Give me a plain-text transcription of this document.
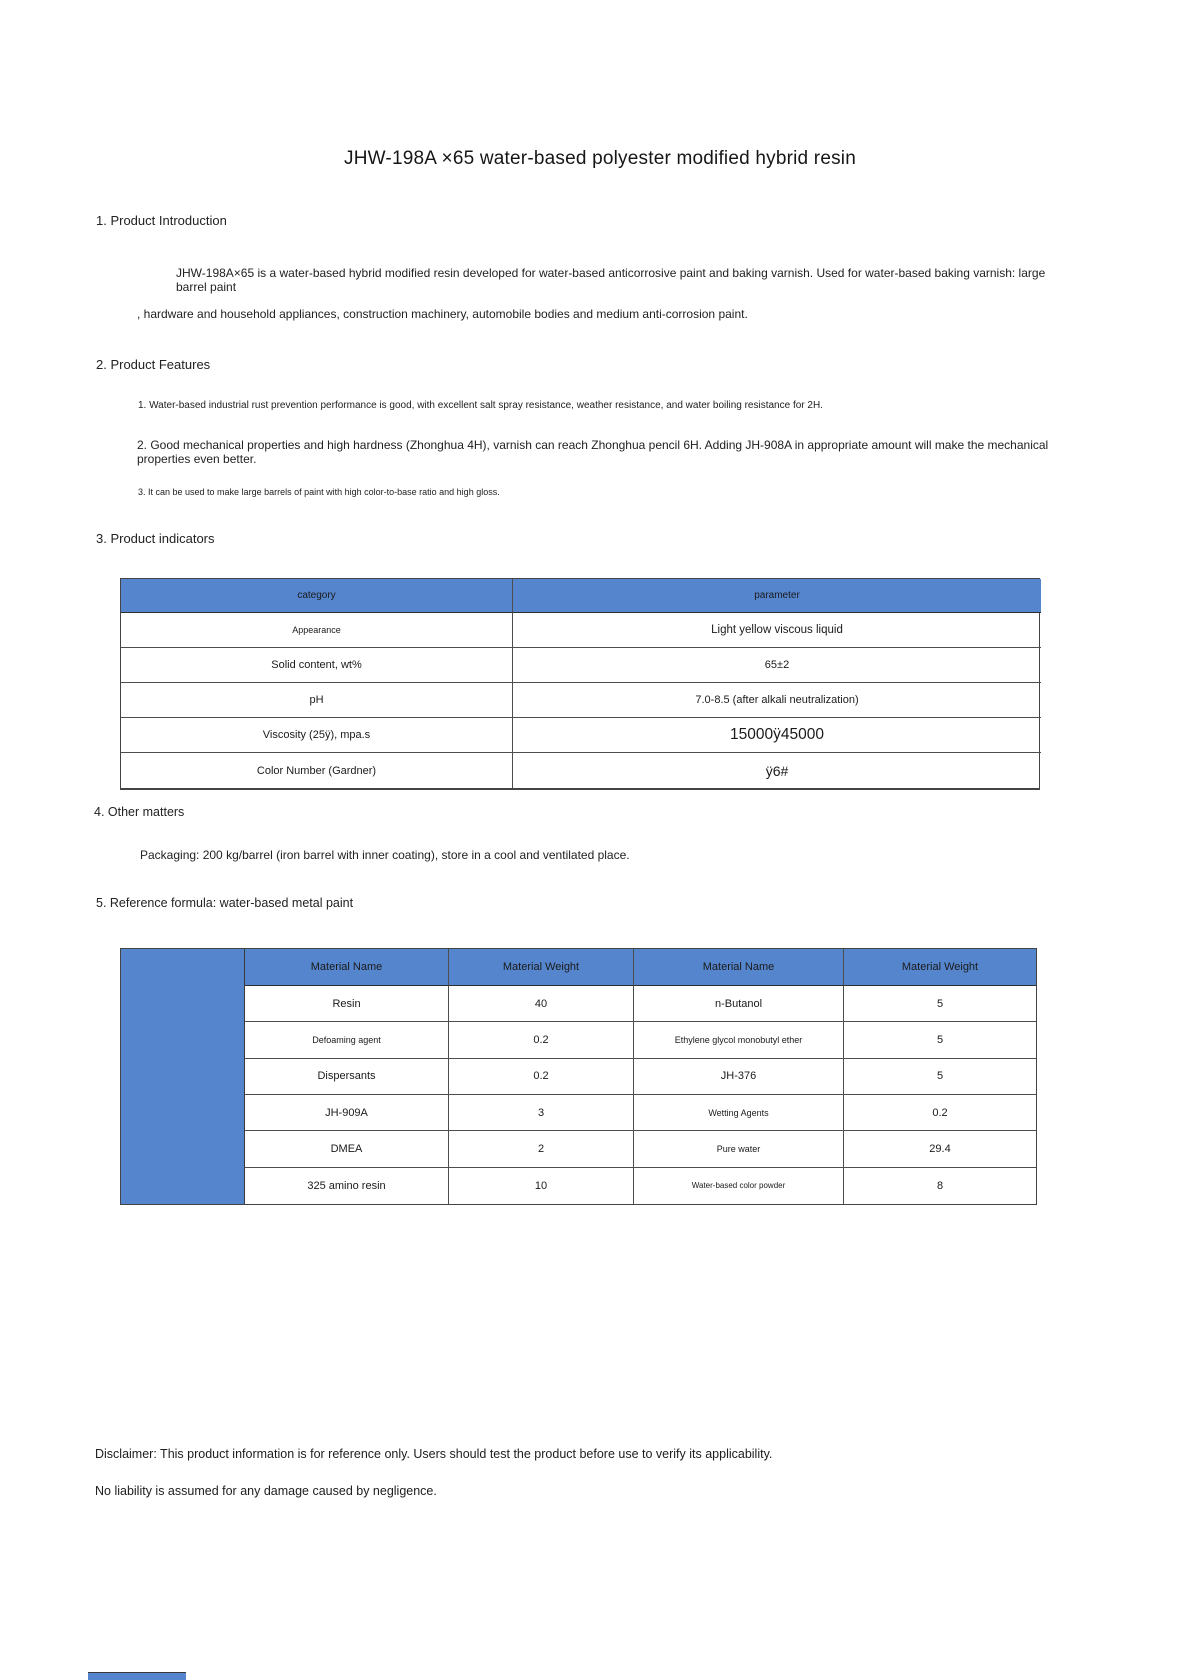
JHW-198A ×65 water-based polyester modified hybrid resin
1. Product Introduction
JHW-198A×65 is a water-based hybrid modified resin developed for water-based anticorrosive paint and baking varnish. Used for water-based baking varnish: large barrel paint
, hardware and household appliances, construction machinery, automobile bodies and medium anti-corrosion paint.
2. Product Features
1. Water-based industrial rust prevention performance is good, with excellent salt spray resistance, weather resistance, and water boiling resistance for 2H.
2. Good mechanical properties and high hardness (Zhonghua 4H), varnish can reach Zhonghua pencil 6H. Adding JH-908A in appropriate amount will make the mechanical properties even better.
3. It can be used to make large barrels of paint with high color-to-base ratio and high gloss.
3. Product indicators
category	parameter
Appearance	Light yellow viscous liquid
Solid content, wt%	65±2
pH	7.0-8.5 (after alkali neutralization)
Viscosity (25ÿ), mpa.s	15000ÿ45000
Color Number (Gardner)	ÿ6#
4. Other matters
Packaging: 200 kg/barrel (iron barrel with inner coating), store in a cool and ventilated place.
5. Reference formula: water-based metal paint
Material Name	Material Weight	Material Name	Material Weight
Resin	40	n-Butanol	5
Defoaming agent	0.2	Ethylene glycol monobutyl ether	5
Dispersants	0.2	JH-376	5
JH-909A	3	Wetting Agents	0.2
DMEA	2	Pure water	29.4
325 amino resin	10	Water-based color powder	8
Disclaimer: This product information is for reference only. Users should test the product before use to verify its applicability.
No liability is assumed for any damage caused by negligence.
